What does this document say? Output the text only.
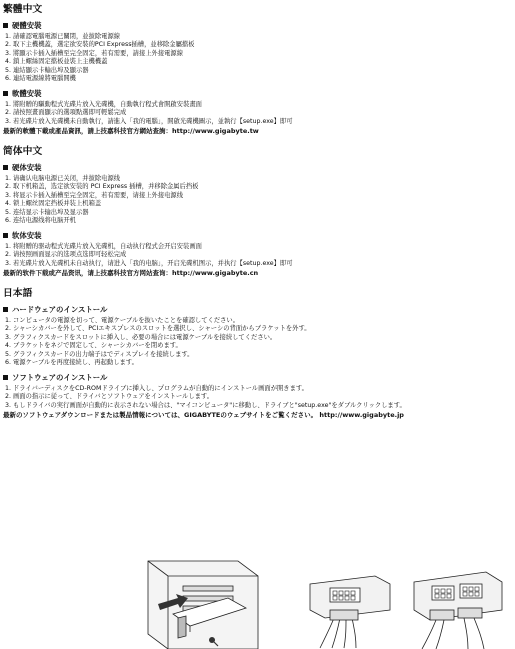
繁體中文
硬體安裝
1. 請確認電腦電源已關閉，並拔除電源線
2. 取下主機機蓋，選定欲安裝的PCI Express插槽，並移除金屬擋板
3. 將顯示卡插入插槽至完全固定，若有需要，請接上外接電源線
4. 鎖上螺絲固定擋板並裝上主機機蓋
5. 連結顯示卡輸出埠及顯示器
6. 連結電源線將電腦開機
軟體安裝
1. 將附贈的驅動程式光碟片放入光碟機，自動執行程式會開啟安裝畫面
2. 請按照畫面顯示的選項點選即可輕鬆完成
3. 若光碟片放入光碟機未自動執行，請進入「我的電腦」，開啟光碟機圖示，並執行【setup.exe】即可
最新的軟體下載或產品資訊，請上技嘉科技官方網站查詢：http://www.gigabyte.tw
简体中文
硬体安装
1. 请确认电脑电源已关闭，并拔除电源线
2. 取下机箱盖，选定欲安装的 PCI Express 插槽，并移除金属后挡板
3. 将显示卡插入插槽至完全固定，若有需要，请接上外接电源线
4. 锁上螺丝固定挡板并装上机箱盖
5. 连结显示卡输出埠及显示器
6. 连结电源线将电脑开机
软体安装
1. 将附赠的驱动程式光碟片放入光碟机，自动执行程式会开启安装画面
2. 请按照画面显示的选项点选即可轻松完成
3. 若光碟片放入光碟机未自动执行，请进入「我的电脑」，开启光碟机图示，并执行【setup.exe】即可
最新的软件下载或产品资讯，请上技嘉科技官方网站查询：http://www.gigabyte.cn
日本語
ハードウェアのインストール
1. コンピュータの電源を切って、電源ケーブルを抜いたことを確認してください。
2. シャーシカバーを外して、PCIエキスプレスのスロットを選択し、シャーシの背面からブラケットを外す。
3. グラフィクスカードをスロットに挿入し、必要の場合には電源ケーブルを接続してください。
4. ブラケットをネジで固定して、シャーシカバーを閉めます。
5. グラフィクスカードの出力端子はでディスプレイを接続します。
6. 電源ケーブルを再度接続し、再起動します。
ソフトウェアのインストール
1. ドライバーディスクをCD-ROMドライブに挿入し、プログラムが自動的にインストール画面が開きます。
2. 画面の指示に従って、ドライバとソフトウェアをインストールします。
3. もしドライバの実行画面が自動的に表示されない場合は、"マイコンピュータ"に移動し、ドライブと"setup.exe"をダブルクリックします。
最新のソフトウェアダウンロードまたは製品情報については、GIGABYTEのウェブサイトをご覧ください。 http://www.gigabyte.jp
